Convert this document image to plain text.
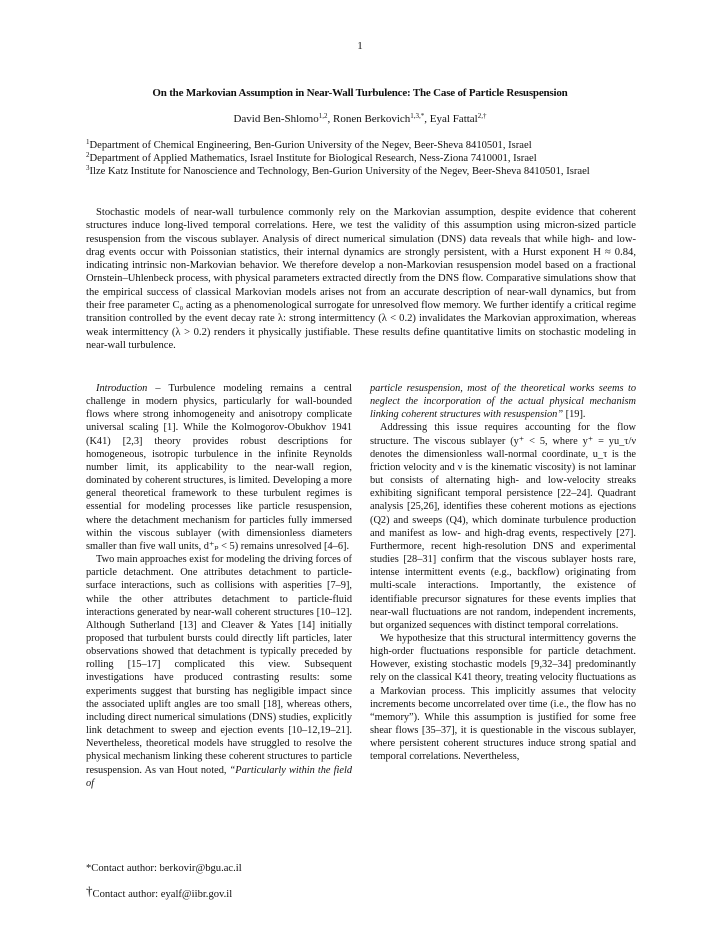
1
On the Markovian Assumption in Near-Wall Turbulence: The Case of Particle Resuspension
David Ben-Shlomo$^{1,2}$, Ronen Berkovich$^{1,3,*}$, Eyal Fattal$^{2,\dagger}$
$^1$Department of Chemical Engineering, Ben-Gurion University of the Negev, Beer-Sheva 8410501, Israel
$^2$Department of Applied Mathematics, Israel Institute for Biological Research, Ness-Ziona 7410001, Israel
$^3$Ilze Katz Institute for Nanoscience and Technology, Ben-Gurion University of the Negev, Beer-Sheva 8410501, Israel
Stochastic models of near-wall turbulence commonly rely on the Markovian assumption, despite evidence that coherent structures induce long-lived temporal correlations. Here, we test the validity of this assumption using micron-sized particle resuspension from the viscous sublayer. Analysis of direct numerical simulation (DNS) data reveals that while high- and low-drag events occur with Poissonian statistics, their internal dynamics are strongly persistent, with a Hurst exponent H ≈ 0.84, indicating intrinsic non-Markovian behavior. We therefore develop a non-Markovian resuspension model based on a fractional Ornstein–Uhlenbeck process, with physical parameters extracted directly from the DNS flow. Comparative simulations show that the empirical success of classical Markovian models arises not from an accurate description of near-wall dynamics, but from their free parameter C₀ acting as a phenomenological surrogate for unresolved flow memory. We further identify a critical regime transition controlled by the event decay rate λ: strong intermittency (λ < 0.2) invalidates the Markovian approximation, whereas weak intermittency (λ > 0.2) renders it physically justifiable. These results define quantitative limits on stochastic modeling in near-wall turbulence.

Introduction – Turbulence modeling remains a central challenge in modern physics, particularly for wall-bounded flows where strong inhomogeneity and anisotropy complicate universal scaling [1]. While the Kolmogorov-Obukhov 1941 (K41) [2,3] theory provides robust descriptions for homogeneous, isotropic turbulence in the infinite Reynolds number limit, its applicability to the near-wall region, dominated by coherent structures, is limited. Developing a more general theoretical framework to these turbulent regimes is essential for modeling processes like particle resuspension, where the detachment mechanism for particles fully immersed within the viscous sublayer (with dimensionless diameters smaller than five wall units, d⁺ₚ < 5) remains unresolved [4–6].

Two main approaches exist for modeling the driving forces of particle detachment. One attributes detachment to particle-surface interactions, such as collisions with asperities [7–9], while the other attributes detachment to particle-fluid interactions generated by near-wall coherent structures [10–12]. Although Sutherland [13] and Cleaver & Yates [14] initially proposed that turbulent bursts could directly lift particles, later observations showed that detachment is typically preceded by rolling [15–17] complicated this view. Subsequent investigations have produced contrasting results: some experiments suggest that bursting has negligible impact since the associated uplift angles are too small [18], whereas others, including direct numerical simulations (DNS) studies, explicitly link detachment to sweep and ejection events [10–12,19–21]. Nevertheless, theoretical models have struggled to resolve the physical mechanism linking these coherent structures to particle resuspension. As van Hout noted, “Particularly within the field of

particle resuspension, most of the theoretical works seems to neglect the incorporation of the actual physical mechanism linking coherent structures with resuspension” [19].

Addressing this issue requires accounting for the flow structure. The viscous sublayer (y⁺ < 5, where y⁺ = yu_τ/ν denotes the dimensionless wall-normal coordinate, u_τ is the friction velocity and ν is the kinematic viscosity) is not laminar but consists of alternating high- and low-velocity streaks exhibiting significant temporal persistence [22–24]. Quadrant analysis [25,26], identifies these coherent motions as ejections (Q2) and sweeps (Q4), which dominate turbulence production and manifest as low- and high-drag events, respectively [27]. Furthermore, recent high-resolution DNS and experimental studies [28–31] confirm that the viscous sublayer hosts rare, intense intermittent events (e.g., backflow) originating from multi-scale interactions. Importantly, the existence of identifiable precursor signatures for these events implies that near-wall fluctuations are not random, independent increments, but organized sequences with distinct temporal correlations.

We hypothesize that this structural intermittency governs the high-order fluctuations responsible for particle detachment. However, existing stochastic models [9,32–34] predominantly rely on the classical K41 theory, treating velocity fluctuations as a Markovian process. This implicitly assumes that velocity increments become uncorrelated over time (i.e., the flow has no “memory”). While this assumption is justified for some free shear flows [35–37], it is questionable in the viscous sublayer, where persistent coherent structures induce strong spatial and temporal correlations. Nevertheless,

*Contact author: berkovir@bgu.ac.il
†Contact author: eyalf@iibr.gov.il
